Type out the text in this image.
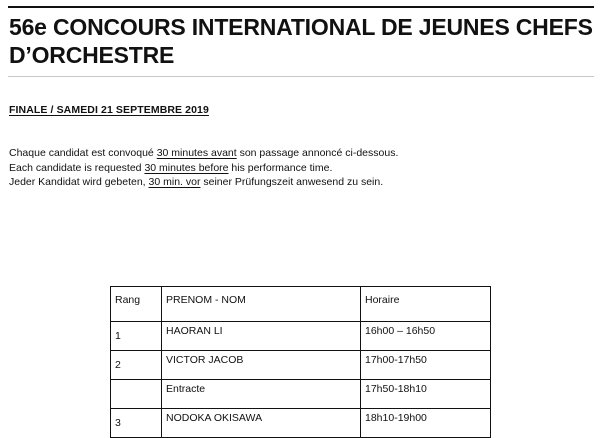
56e CONCOURS INTERNATIONAL DE JEUNES CHEFS D’ORCHESTRE
FINALE / SAMEDI 21 SEPTEMBRE 2019

Chaque candidat est convoqué 30 minutes avant son passage annoncé ci-dessous.

Each candidate is requested 30 minutes before his performance time.

Jeder Kandidat wird gebeten, 30 min. vor seiner Prüfungszeit anwesend zu sein.

Rang	PRENOM - NOM	Horaire
1	HAORAN LI	16h00 – 16h50
2	VICTOR JACOB	17h00-17h50
	Entracte	17h50-18h10
3	NODOKA OKISAWA	18h10-19h00
